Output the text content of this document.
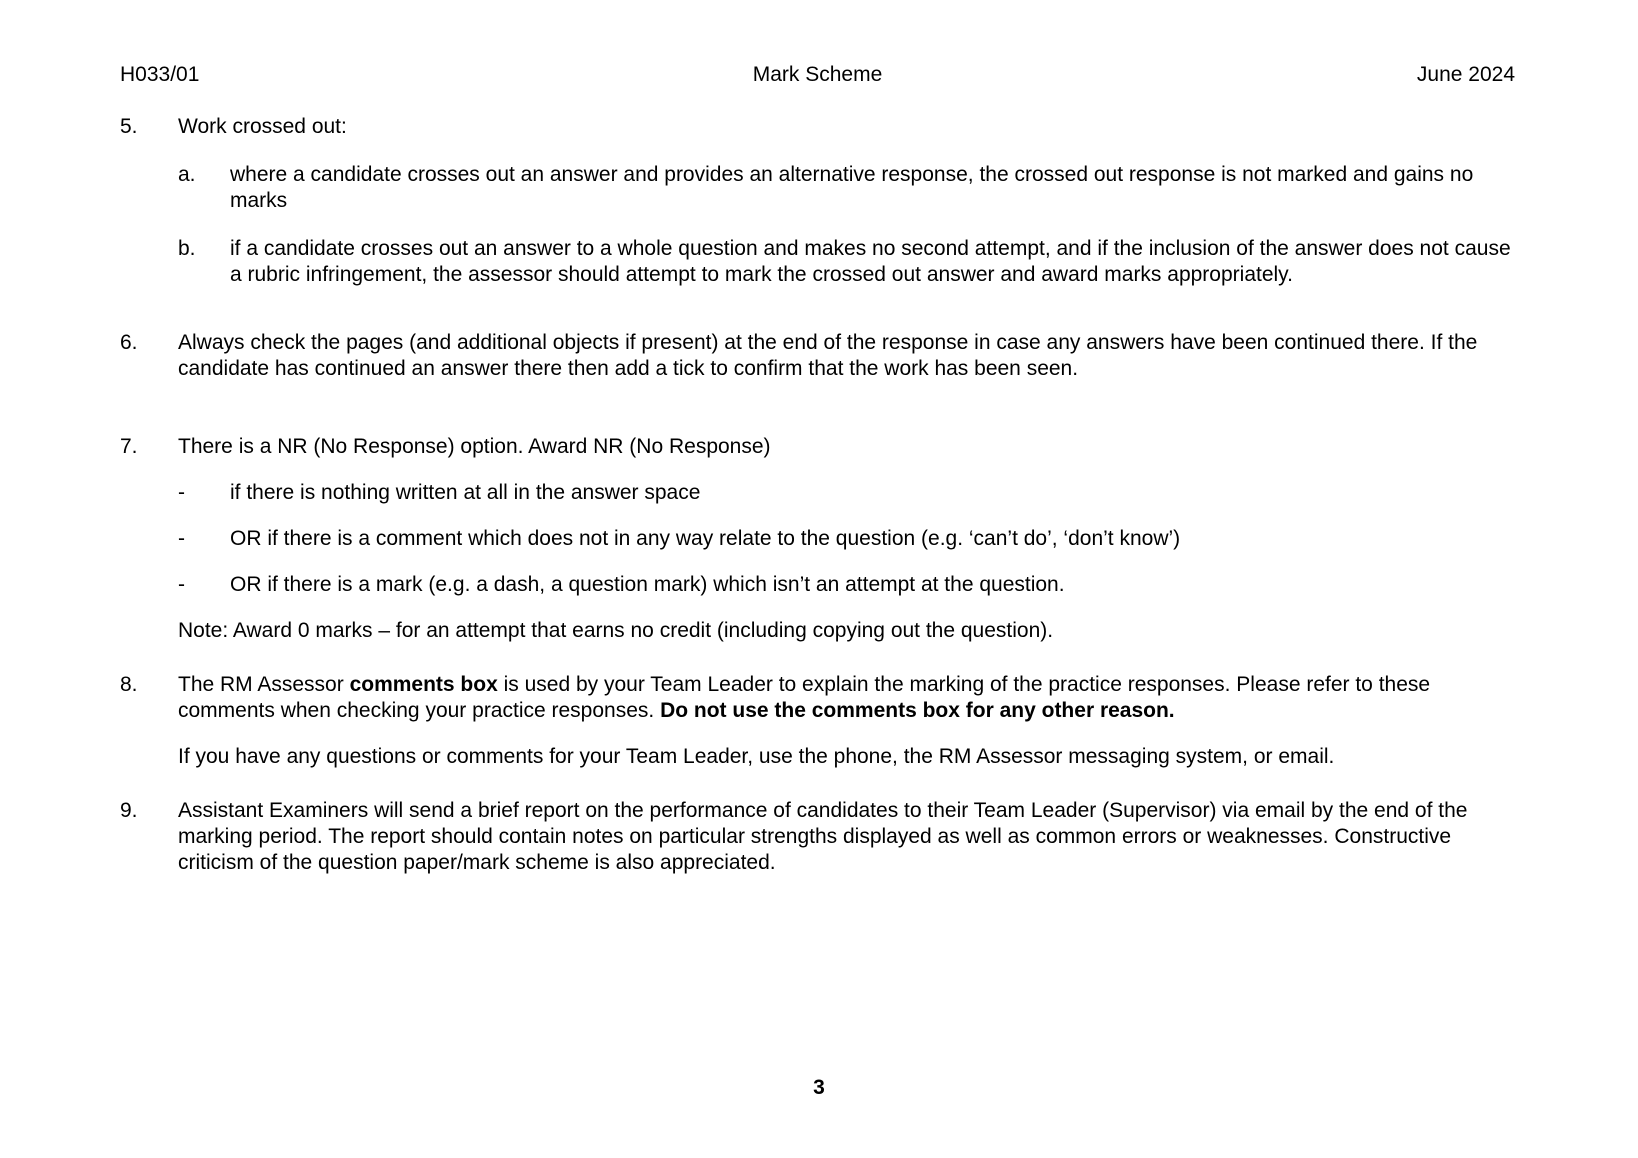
H033/01	Mark Scheme	June 2024
5.	Work crossed out:
a.	where a candidate crosses out an answer and provides an alternative response, the crossed out response is not marked and gains no marks
b.	if a candidate crosses out an answer to a whole question and makes no second attempt, and if the inclusion of the answer does not cause a rubric infringement, the assessor should attempt to mark the crossed out answer and award marks appropriately.
6.	Always check the pages (and additional objects if present) at the end of the response in case any answers have been continued there. If the candidate has continued an answer there then add a tick to confirm that the work has been seen.
7.	There is a NR (No Response) option. Award NR (No Response)
-	if there is nothing written at all in the answer space
-	OR if there is a comment which does not in any way relate to the question (e.g. ‘can’t do’, ‘don’t know’)
-	OR if there is a mark (e.g. a dash, a question mark) which isn’t an attempt at the question.
Note: Award 0 marks – for an attempt that earns no credit (including copying out the question).
8.	The RM Assessor comments box is used by your Team Leader to explain the marking of the practice responses. Please refer to these comments when checking your practice responses. Do not use the comments box for any other reason.
If you have any questions or comments for your Team Leader, use the phone, the RM Assessor messaging system, or email.
9.	Assistant Examiners will send a brief report on the performance of candidates to their Team Leader (Supervisor) via email by the end of the marking period. The report should contain notes on particular strengths displayed as well as common errors or weaknesses. Constructive criticism of the question paper/mark scheme is also appreciated.
3
